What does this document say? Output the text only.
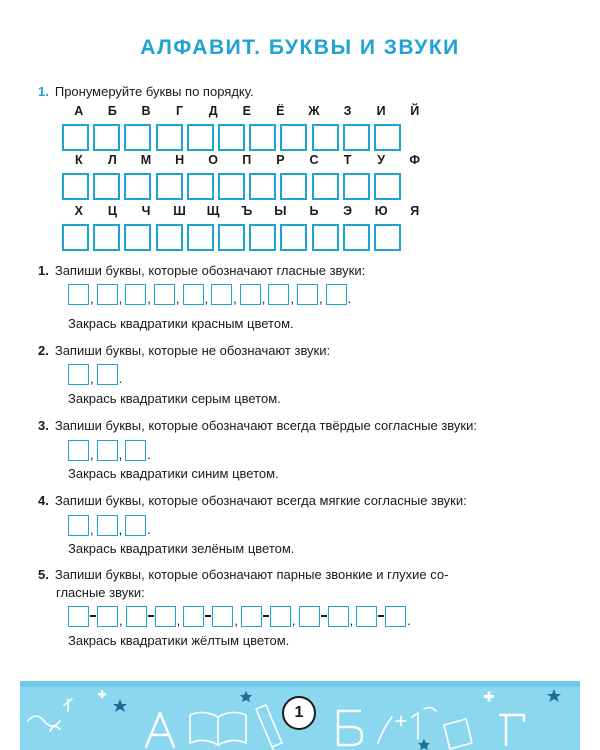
АЛФАВИТ. БУКВЫ И ЗВУКИ
1. Пронумеруйте буквы по порядку.
А	Б	В	Г	Д	Е	Ё	Ж	З	И	Й
К	Л	М	Н	О	П	Р	С	Т	У	Ф
Х	Ц	Ч	Ш	Щ	Ъ	Ы	Ь	Э	Ю	Я
1. Запиши буквы, которые обозначают гласные звуки:
, , , , , , , , , .
Закрась квадратики красным цветом.
2. Запиши буквы, которые не обозначают звуки:
, .
Закрась квадратики серым цветом.
3. Запиши буквы, которые обозначают всегда твёрдые согласные звуки:
, , .
Закрась квадратики синим цветом.
4. Запиши буквы, которые обозначают всегда мягкие согласные звуки:
, , .
Закрась квадратики зелёным цветом.
5. Запиши буквы, которые обозначают парные звонкие и глухие со-
гласные звуки:
,	,	,	,	,	.
Закрась квадратики жёлтым цветом.
1
